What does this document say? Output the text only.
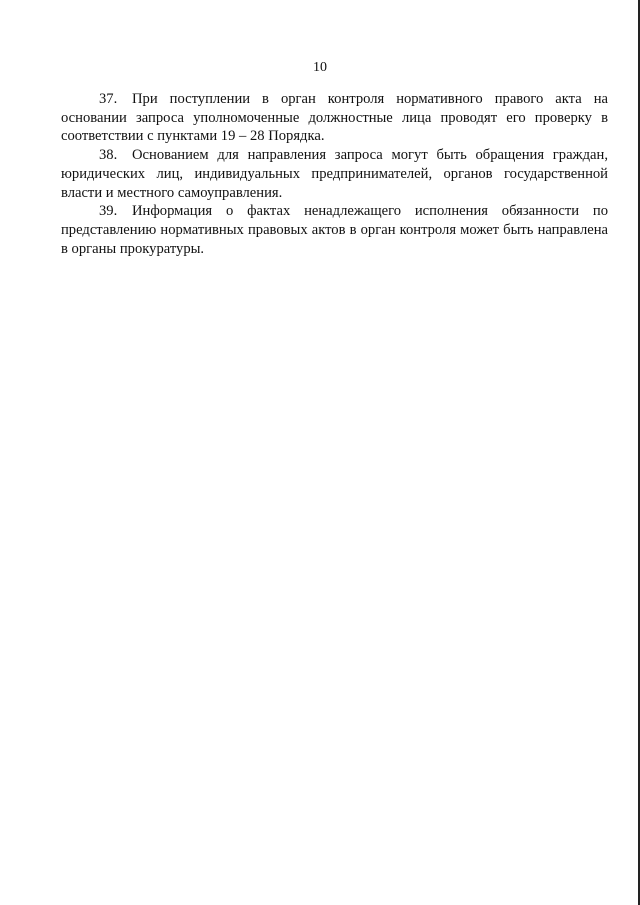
10

37. При поступлении в орган контроля нормативного правого акта на основании запроса уполномоченные должностные лица проводят его проверку в соответствии с пунктами 19 – 28 Порядка.

38. Основанием для направления запроса могут быть обращения граждан, юридических лиц, индивидуальных предпринимателей, органов государственной власти и местного самоуправления.

39. Информация о фактах ненадлежащего исполнения обязанности по представлению нормативных правовых актов в орган контроля может быть направлена в органы прокуратуры.
